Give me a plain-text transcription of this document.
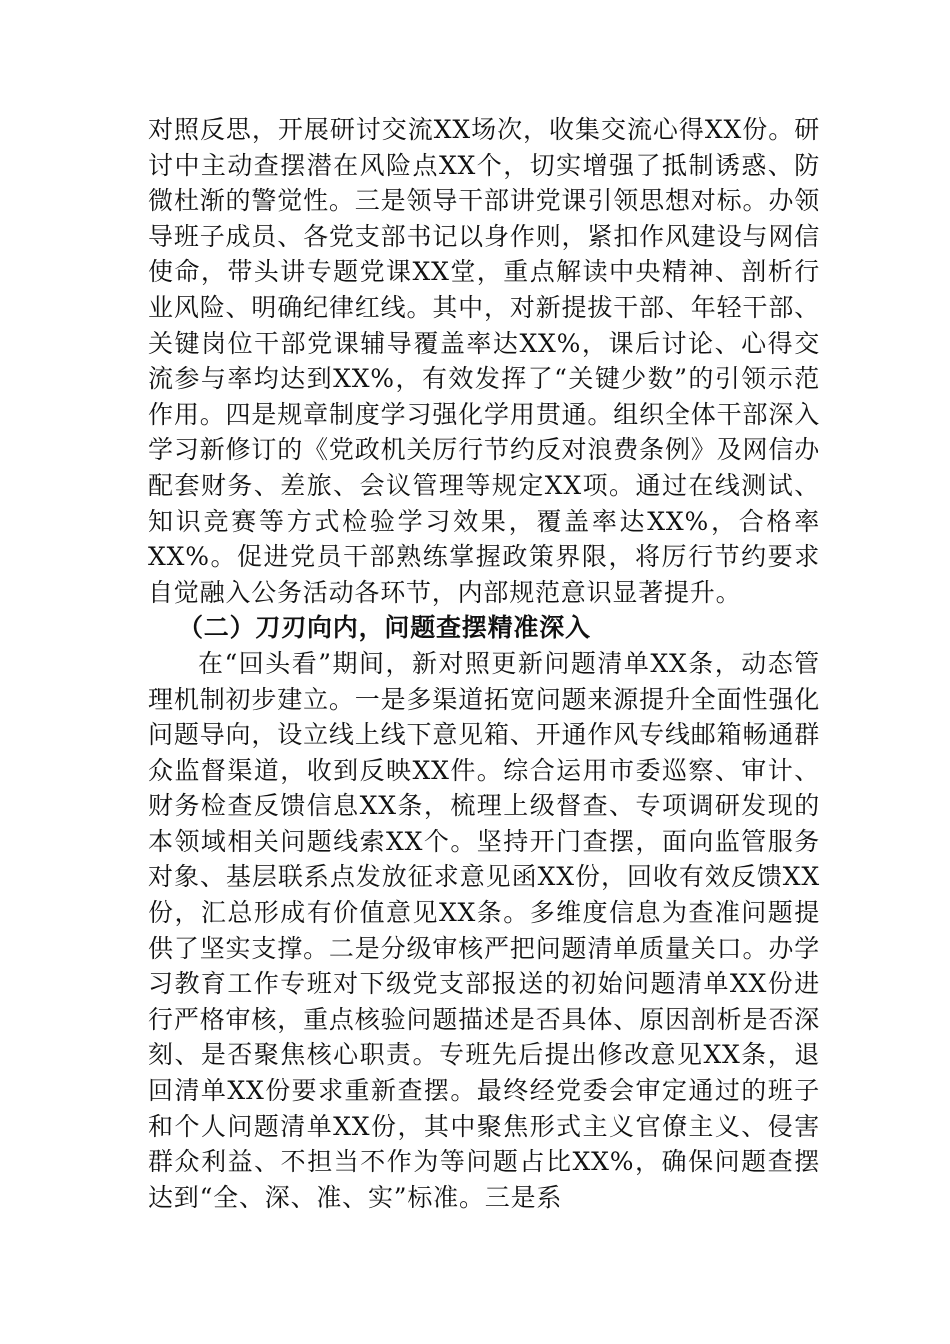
对照反思，开展研讨交流XX场次，收集交流心得XX份。研讨中主动查摆潜在风险点XX个，切实增强了抵制诱惑、防微杜渐的警觉性。三是领导干部讲党课引领思想对标。办领导班子成员、各党支部书记以身作则，紧扣作风建设与网信使命，带头讲专题党课XX堂，重点解读中央精神、剖析行业风险、明确纪律红线。其中，对新提拔干部、年轻干部、关键岗位干部党课辅导覆盖率达XX%，课后讨论、心得交流参与率均达到XX%，有效发挥了“关键少数”的引领示范作用。四是规章制度学习强化学用贯通。组织全体干部深入学习新修订的《党政机关厉行节约反对浪费条例》及网信办配套财务、差旅、会议管理等规定XX项。通过在线测试、知识竞赛等方式检验学习效果，覆盖率达XX%，合格率XX%。促进党员干部熟练掌握政策界限，将厉行节约要求自觉融入公务活动各环节，内部规范意识显著提升。

（二）刀刃向内，问题查摆精准深入

在“回头看”期间，新对照更新问题清单XX条，动态管理机制初步建立。一是多渠道拓宽问题来源提升全面性强化问题导向，设立线上线下意见箱、开通作风专线邮箱畅通群众监督渠道，收到反映XX件。综合运用市委巡察、审计、财务检查反馈信息XX条，梳理上级督查、专项调研发现的本领域相关问题线索XX个。坚持开门查摆，面向监管服务对象、基层联系点发放征求意见函XX份，回收有效反馈XX份，汇总形成有价值意见XX条。多维度信息为查准问题提供了坚实支撑。二是分级审核严把问题清单质量关口。办学习教育工作专班对下级党支部报送的初始问题清单XX份进行严格审核，重点核验问题描述是否具体、原因剖析是否深刻、是否聚焦核心职责。专班先后提出修改意见XX条，退回清单XX份要求重新查摆。最终经党委会审定通过的班子和个人问题清单XX份，其中聚焦形式主义官僚主义、侵害群众利益、不担当不作为等问题占比XX%，确保问题查摆达到“全、深、准、实”标准。三是系
